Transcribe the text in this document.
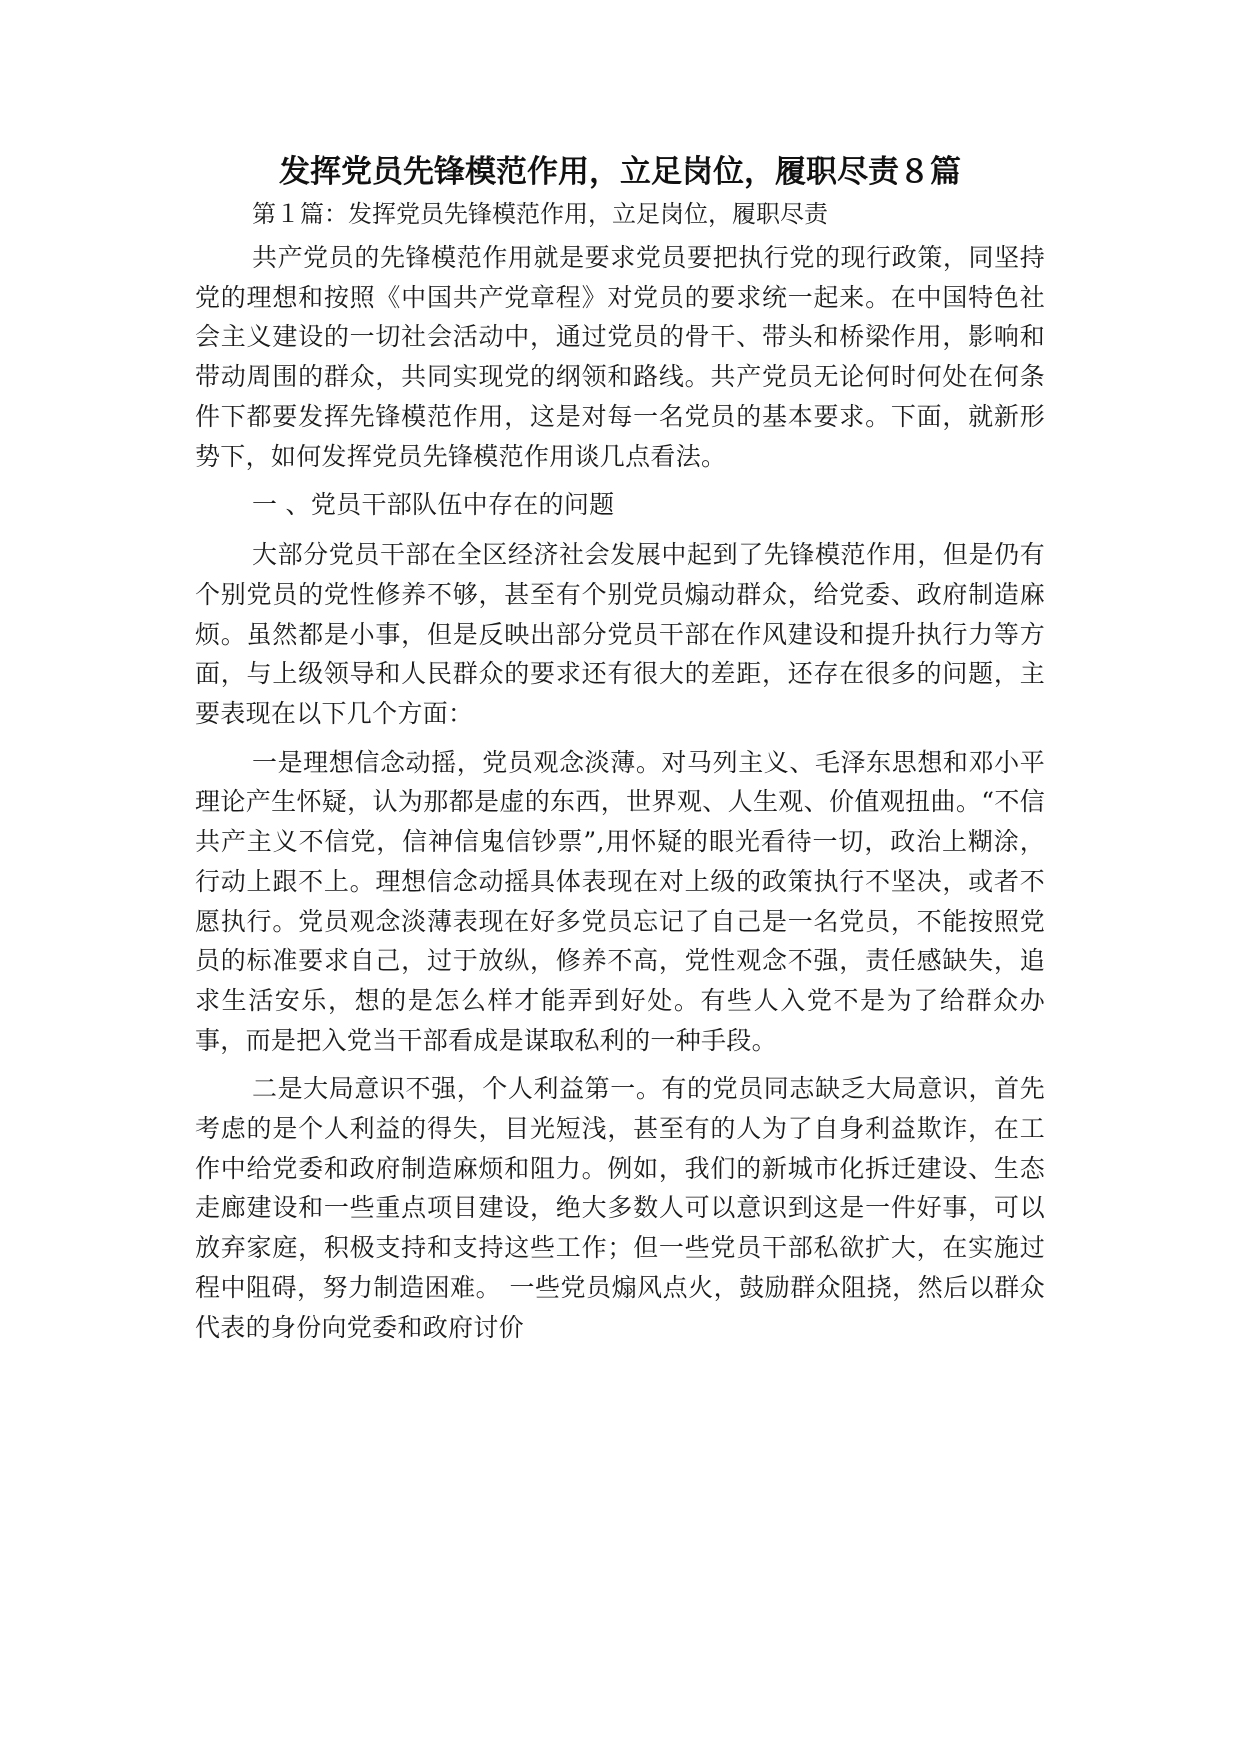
发挥党员先锋模范作用，立足岗位，履职尽责８篇

第１篇：发挥党员先锋模范作用，立足岗位，履职尽责

共产党员的先锋模范作用就是要求党员要把执行党的现行政策，同坚持党的理想和按照《中国共产党章程》对党员的要求统一起来。在中国特色社会主义建设的一切社会活动中，通过党员的骨干、带头和桥梁作用，影响和带动周围的群众，共同实现党的纲领和路线。共产党员无论何时何处在何条件下都要发挥先锋模范作用，这是对每一名党员的基本要求。下面，就新形势下，如何发挥党员先锋模范作用谈几点看法。

一 、党员干部队伍中存在的问题

大部分党员干部在全区经济社会发展中起到了先锋模范作用，但是仍有个别党员的党性修养不够，甚至有个别党员煽动群众，给党委、政府制造麻烦。虽然都是小事，但是反映出部分党员干部在作风建设和提升执行力等方面，与上级领导和人民群众的要求还有很大的差距，还存在很多的问题，主要表现在以下几个方面：

一是理想信念动摇，党员观念淡薄。对马列主义、毛泽东思想和邓小平理论产生怀疑，认为那都是虚的东西，世界观、人生观、价值观扭曲。“不信共产主义不信党，信神信鬼信钞票”,用怀疑的眼光看待一切，政治上糊涂，行动上跟不上。理想信念动摇具体表现在对上级的政策执行不坚决，或者不愿执行。党员观念淡薄表现在好多党员忘记了自己是一名党员，不能按照党员的标准要求自己，过于放纵，修养不高，党性观念不强，责任感缺失，追求生活安乐，想的是怎么样才能弄到好处。有些人入党不是为了给群众办事，而是把入党当干部看成是谋取私利的一种手段。

二是大局意识不强，个人利益第一。有的党员同志缺乏大局意识，首先考虑的是个人利益的得失，目光短浅，甚至有的人为了自身利益欺诈，在工作中给党委和政府制造麻烦和阻力。例如，我们的新城市化拆迁建设、生态走廊建设和一些重点项目建设，绝大多数人可以意识到这是一件好事，可以放弃家庭，积极支持和支持这些工作；但一些党员干部私欲扩大，在实施过程中阻碍，努力制造困难。 一些党员煽风点火，鼓励群众阻挠，然后以群众代表的身份向党委和政府讨价
